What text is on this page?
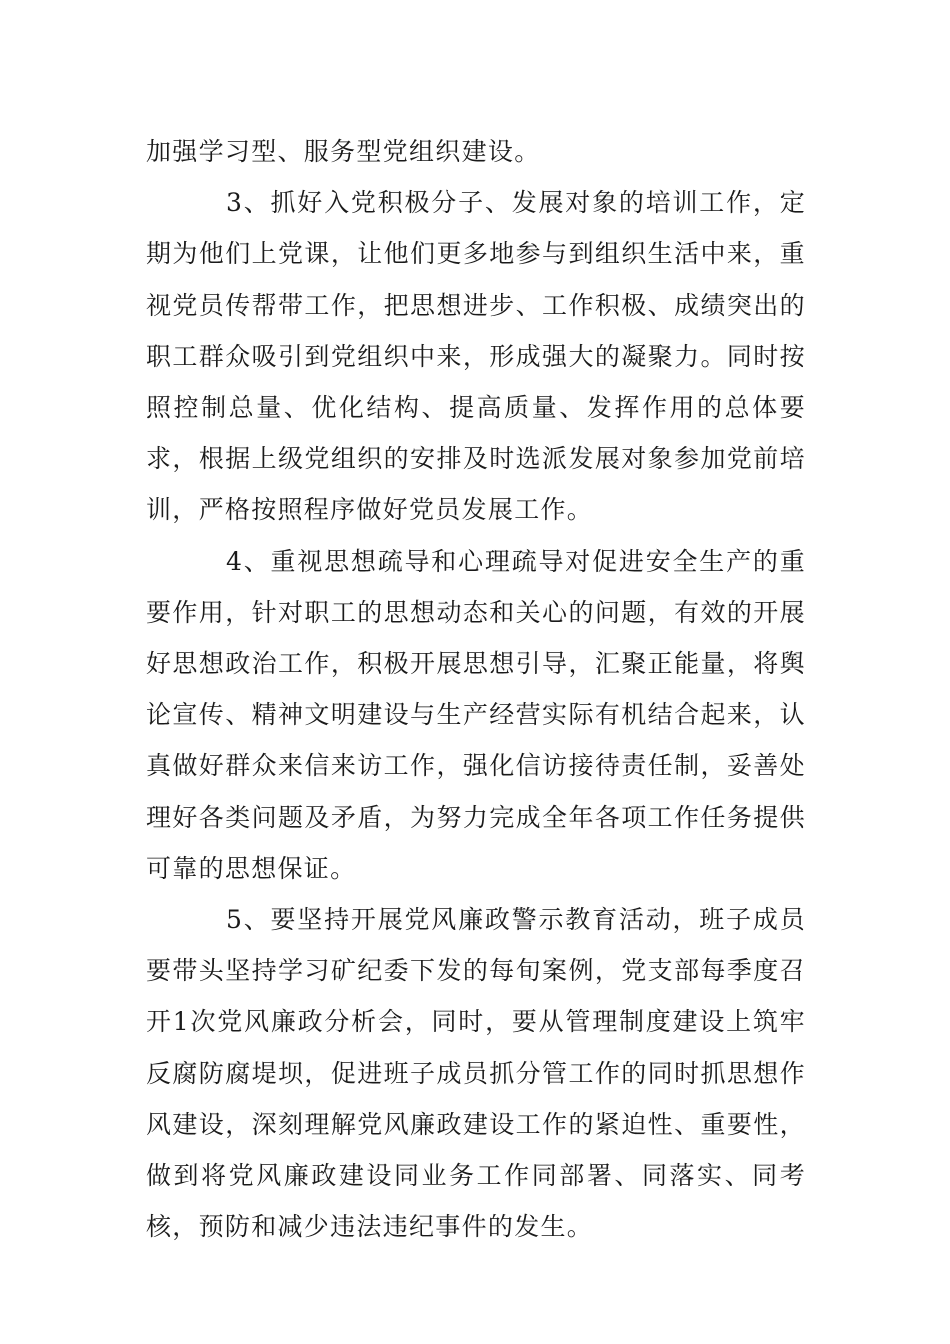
加强学习型、服务型党组织建设。

3、抓好入党积极分子、发展对象的培训工作，定期为他们上党课，让他们更多地参与到组织生活中来，重视党员传帮带工作，把思想进步、工作积极、成绩突出的职工群众吸引到党组织中来，形成强大的凝聚力。同时按照控制总量、优化结构、提高质量、发挥作用的总体要求，根据上级党组织的安排及时选派发展对象参加党前培训，严格按照程序做好党员发展工作。

4、重视思想疏导和心理疏导对促进安全生产的重要作用，针对职工的思想动态和关心的问题，有效的开展好思想政治工作，积极开展思想引导，汇聚正能量，将舆论宣传、精神文明建设与生产经营实际有机结合起来，认真做好群众来信来访工作，强化信访接待责任制，妥善处理好各类问题及矛盾，为努力完成全年各项工作任务提供可靠的思想保证。

5、要坚持开展党风廉政警示教育活动，班子成员要带头坚持学习矿纪委下发的每旬案例，党支部每季度召开1次党风廉政分析会，同时，要从管理制度建设上筑牢反腐防腐堤坝，促进班子成员抓分管工作的同时抓思想作风建设，深刻理解党风廉政建设工作的紧迫性、重要性，做到将党风廉政建设同业务工作同部署、同落实、同考核，预防和减少违法违纪事件的发生。
